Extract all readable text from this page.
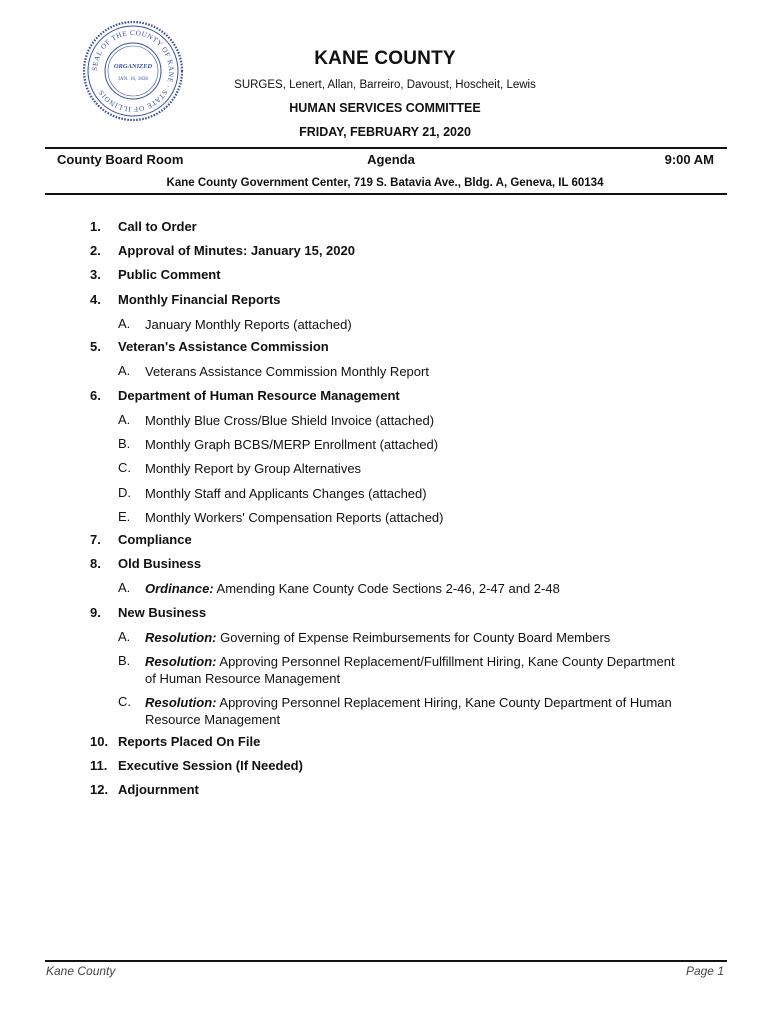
SEAL OF THE COUNTY OF KANE · STATE OF ILLINOIS
ORGANIZED
JAN. 16, 1836
KANE COUNTY
SURGES, Lenert, Allan, Barreiro, Davoust, Hoscheit, Lewis
HUMAN SERVICES COMMITTEE
FRIDAY, FEBRUARY 21, 2020
County Board Room	Agenda	9:00 AM
Kane County Government Center, 719 S. Batavia Ave., Bldg. A, Geneva, IL 60134
1. Call to Order
2. Approval of Minutes: January 15, 2020
3. Public Comment
4. Monthly Financial Reports
A.	January Monthly Reports (attached)
5. Veteran's Assistance Commission
A.	Veterans Assistance Commission Monthly Report
6. Department of Human Resource Management
A.	Monthly Blue Cross/Blue Shield Invoice (attached)
B.	Monthly Graph BCBS/MERP Enrollment (attached)
C.	Monthly Report by Group Alternatives
D.	Monthly Staff and Applicants Changes (attached)
E.	Monthly Workers' Compensation Reports (attached)
7. Compliance
8. Old Business
A.	Ordinance: Amending Kane County Code Sections 2-46, 2-47 and 2-48
9. New Business
A.	Resolution: Governing of Expense Reimbursements for County Board Members
B.	Resolution: Approving Personnel Replacement/Fulfillment Hiring, Kane County Department of Human Resource Management
C.	Resolution: Approving Personnel Replacement Hiring, Kane County Department of Human Resource Management
10. Reports Placed On File
11. Executive Session (If Needed)
12. Adjournment
Kane County	Page 1
